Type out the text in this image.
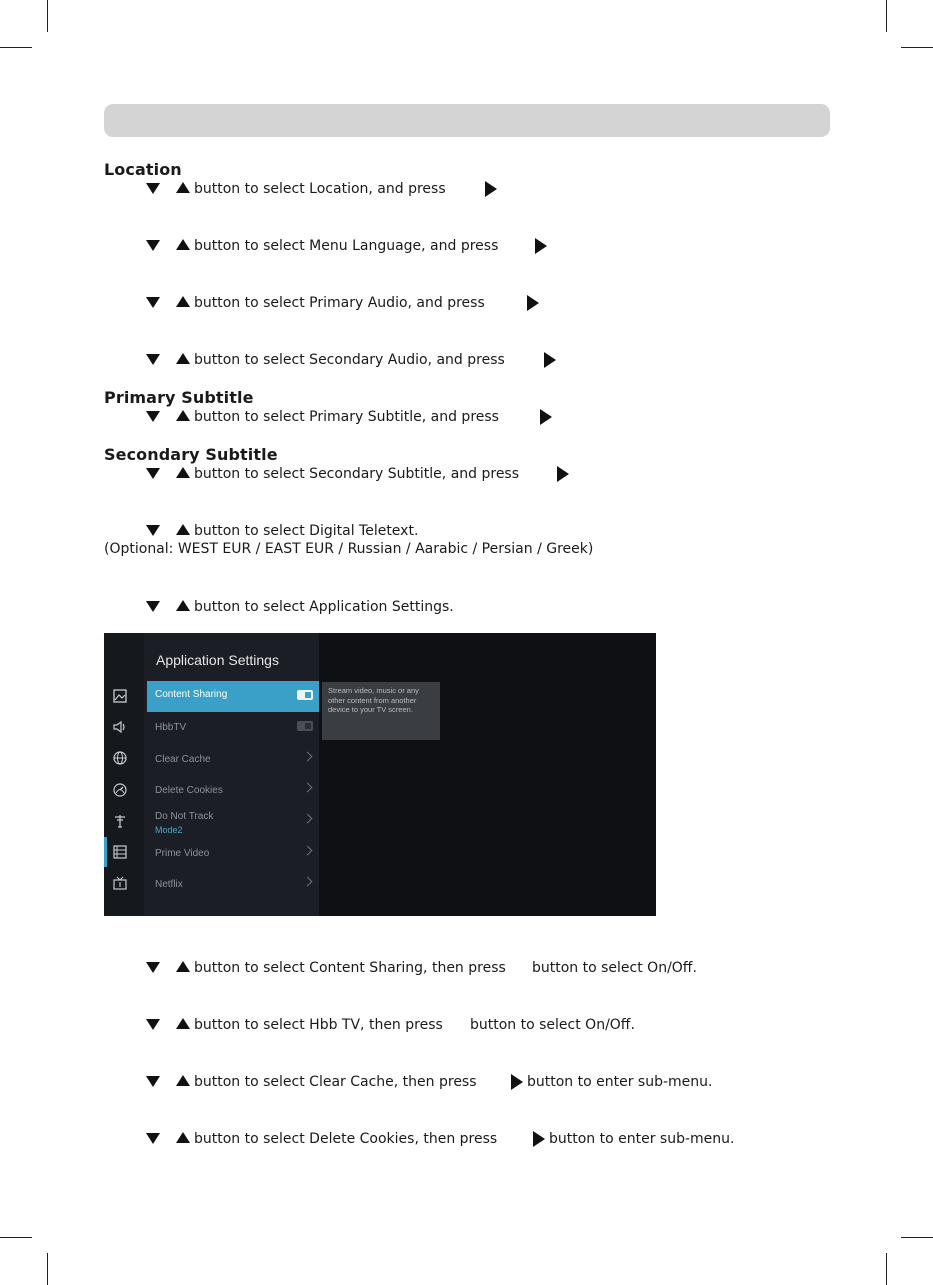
Location
button to select Location, and press
button to select Menu Language, and press
button to select Primary Audio, and press
button to select Secondary Audio, and press
Primary Subtitle
button to select Primary Subtitle, and press
Secondary Subtitle
button to select Secondary Subtitle, and press
button to select Digital Teletext.
(Optional: WEST EUR / EAST EUR / Russian / Aarabic / Persian / Greek)
button to select Application Settings.
Application Settings
Content Sharing
HbbTV
Clear Cache
Delete Cookies
Do Not Track
Mode2
Prime Video
Netflix
Stream video, music or any other content from another device to your TV screen.
button to select Content Sharing, then press button to select On/Off.
button to select Hbb TV, then press button to select On/Off.
button to select Clear Cache, then press	button to enter sub-menu.
button to select Delete Cookies, then press	button to enter sub-menu.
